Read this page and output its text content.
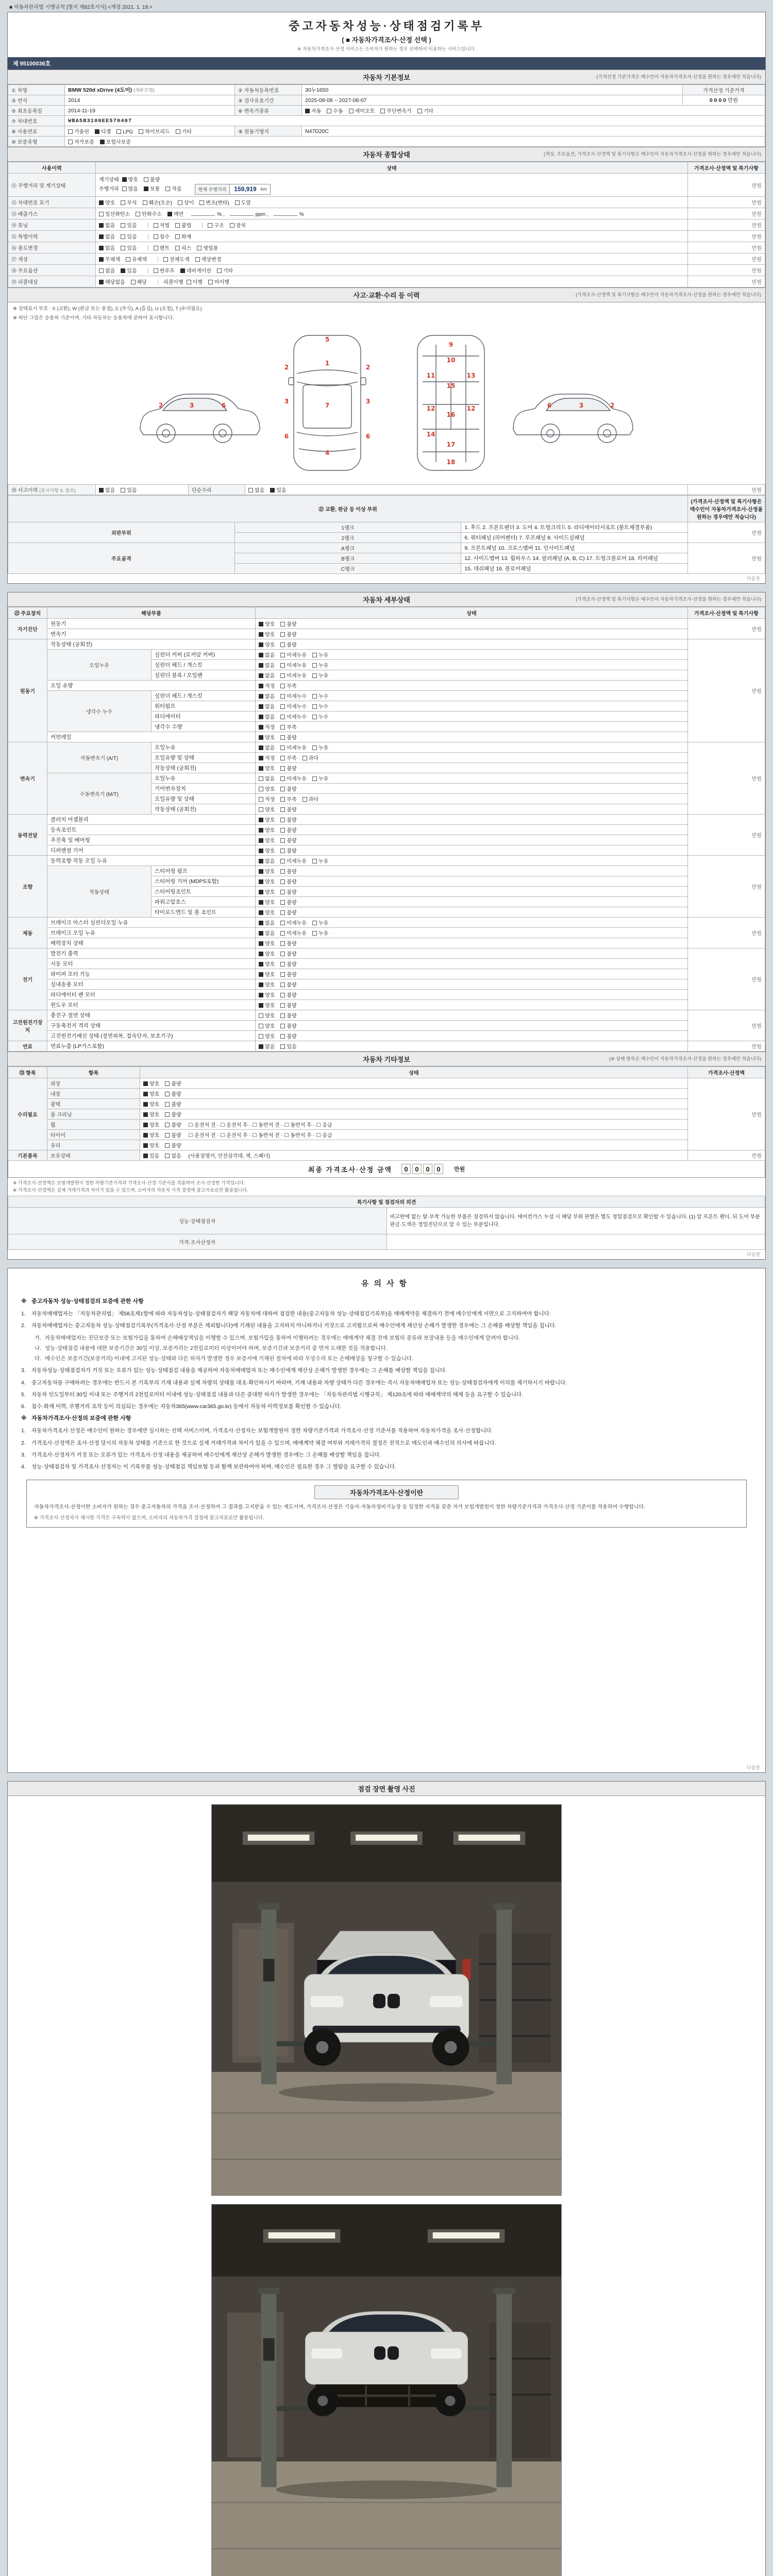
■ 자동차관리법 시행규칙 [별지 제82호서식] <개정 2021. 1. 19.>
중고자동차성능·상태점검기록부
( ■ 자동차가격조사·산정 선택 )
※ 자동차가격조사·산정 서비스는 소비자가 원하는 경우 선택하여 이용하는 서비스입니다.
제 95100036호
자동차 기본정보	(가격산정 기준가격은 매수인이 자동차가격조사·산정을 원하는 경우에만 적습니다)
① 차명	BMW 520d xDrive (4도어) (세부모델)	② 자동차등록번호	30누1650	가격산정 기준가격
③ 연식	2014	④ 검사유효기간	2025-08-08 ~ 2027-08-07	0 0 0 0 만원
⑤ 최초등록일	2014-11-19	⑥ 변속기종류	자동 수동 세미오토 무단변속기 기타	
⑦ 차대번호	WBA5B3100EE570407			
⑧ 사용연료	가솔린 디젤 LPG 하이브리드 기타	⑨ 원동기형식	N47D20C	
⑩ 보증유형	자가보증 보험사보증			
자동차 종합상태	(색상, 주요옵션, 가격조사·산정액 및 특기사항은 매수인이 자동차가격조사·산정을 원하는 경우에만 적습니다)
사용이력	상태	가격조사·산정액 및 특기사항
⑪ 주행거리 및 계기상태	계기상태 양호 불량
주행거리 많음 보통 적음 현재 주행거리 159,919 km	만원
⑫ 차대번호 표기	양호 부식 훼손(오손) 상이 변조(변타) 도말	만원
⑬ 배출가스	일산화탄소 탄화수소 매연 % , ppm , %	만원
⑭ 튜닝	없음 있음 적법 불법 구조 장치	만원
⑮ 특별이력	없음 있음 침수 화재	만원
⑯ 용도변경	없음 있음 렌트 리스 영업용	만원
⑰ 색상	무채색 유채색 전체도색 색상변경	만원
⑱ 주요옵션	없음 있음 썬루프 네비게이션 기타	만원
⑲ 리콜대상	해당없음 해당 리콜이행 이행 미이행	만원
사고·교환·수리 등 이력	(가격조사·산정액 및 특기사항은 매수인이 자동차가격조사·산정을 원하는 경우에만 적습니다)
※ 상태표시 부호 : X (교환), W (판금 또는 용접), C (부식), A (흠집), U (요철), T (수리필요)
※ 하단 그림은 승용차 기준이며, 기타 자동차는 승용차에 준하여 표시합니다.
5
1
2	2
3	3
7
6	6
4
9
10
11	13
15
12	12
16
14
17
18
2	3	6	6	3	2
⑳ 사고이력 (표시사항 4. 참조)	없음 있음	단순수리	없음 있음	만원
㉑ 교환, 판금 등 이상 부위			(가격조사·산정액 및 특기사항은 매수인이 자동차가격조사·산정을 원하는 경우에만 적습니다)
외판부위	1랭크	1. 후드 2. 프론트펜더 3. 도어 4. 트렁크리드 5. 라디에이터서포트 (볼트체결부품)	만원
	2랭크	6. 쿼터패널 (리어펜더) 7. 루프패널 8. 사이드실패널	
주요골격	A랭크	9. 프론트패널 10. 크로스멤버 11. 인사이드패널	만원
	B랭크	12. 사이드멤버 13. 휠하우스 14. 필러패널 (A, B, C) 17. 트렁크플로어 18. 리어패널	
	C랭크	15. 대쉬패널 16. 플로어패널	
다음장
자동차 세부상태	(가격조사·산정액 및 특기사항은 매수인이 자동차가격조사·산정을 원하는 경우에만 적습니다)
㉒ 주요장치	해당부품		상태	가격조사·산정액 및 특기사항
자기진단	원동기		양호 불량	만원
	변속기		양호 불량	
원동기	작동상태 (공회전)		양호 불량	만원
	오일누유	실린더 커버 (로커암 커버)	없음 미세누유 누유	
		실린더 헤드 / 개스킷	없음 미세누유 누유	
		실린더 블록 / 오일팬	없음 미세누유 누유	
	오일 유량		적정 부족	
	냉각수 누수	실린더 헤드 / 개스킷	없음 미세누수 누수	
		워터펌프	없음 미세누수 누수	
		라디에이터	없음 미세누수 누수	
		냉각수 수량	적정 부족	
	커먼레일		양호 불량	
변속기	자동변속기 (A/T)	오일누유	없음 미세누유 누유	만원
		오일유량 및 상태	적정 부족 과다	
		작동상태 (공회전)	양호 불량	
	수동변속기 (M/T)	오일누유	없음 미세누유 누유	
		기어변속장치	양호 불량	
		오일유량 및 상태	적정 부족 과다	
		작동상태 (공회전)	양호 불량	
동력전달	클러치 어셈블리		양호 불량	만원
	등속조인트		양호 불량	
	추진축 및 베어링		양호 불량	
	디퍼렌셜 기어		양호 불량	
조향	동력조향 작동 오일 누유		없음 미세누유 누유	만원
	작동상태	스티어링 펌프	양호 불량	
		스티어링 기어 (MDPS포함)	양호 불량	
		스티어링조인트	양호 불량	
		파워고압호스	양호 불량	
		타이로드엔드 및 볼 조인트	양호 불량	
제동	브레이크 마스터 실린더오일 누유		없음 미세누유 누유	만원
	브레이크 오일 누유		없음 미세누유 누유	
	배력장치 상태		양호 불량	
전기	발전기 출력		양호 불량	만원
	시동 모터		양호 불량	
	와이퍼 모터 기능		양호 불량	
	실내송풍 모터		양호 불량	
	라디에이터 팬 모터		양호 불량	
	윈도우 모터		양호 불량	
고전원전기장치	충전구 절연 상태		양호 불량	만원
	구동축전지 격리 상태		양호 불량	
	고전원전기배선 상태 (절연피복, 접속단자, 보호기구)		양호 불량	
연료	연료누출 (LP가스포함)		없음 있음	만원
자동차 기타정보	(※ 상태 항목은 매수인이 자동차가격조사·산정을 원하는 경우에만 적습니다)
㉓ 항목	항목	상태	가격조사·산정액
수리필요	외장	양호 불량	만원
	내장	양호 불량	
	광택	양호 불량	
	룸 크리닝	양호 불량	
	휠	양호 불량 ☐ 운전석 전 · ☐ 운전석 후 · ☐ 동반석 전 · ☐ 동반석 후 · ☐ 응급	
	타이어	양호 불량 ☐ 운전석 전 · ☐ 운전석 후 · ☐ 동반석 전 · ☐ 동반석 후 · ☐ 응급	
	유리	양호 불량	
기본품목	보유상태	있음 없음 (사용설명서, 안전삼각대, 잭, 스패너)	만원
최종 가격조사·산정 금액	0 0 0 0	만원
※ 가격조사·산정액은 보험개발원이 정한 차량기준가격과 가격조사·산정 기준서를 적용하여 조사·산정한 가격입니다.
※ 가격조사·산정액은 실제 거래가격과 차이가 있을 수 있으며, 소비자의 자동차 가격 결정에 참고자료로만 활용됩니다.
특기사항 및 점검자의 의견	
성능·상태점검자	비고란에 없는 탈·부착 가능한 부품은 점검하지 않습니다. 에어컨가스 누설 시 해당 부위 판별은 별도 정밀점검으로 확인할 수 있습니다. (1) 앞 프론트 펜더, 뒤 도어 부분 판금·도색은 정밀진단으로 알 수 있는 부분입니다.
가격·조사산정자	
다음장
유의사항
※ 중고자동차 성능·상태점검의 보증에 관한 사항
1.	자동차매매업자는 「자동차관리법」 제58조제1항에 따라 자동차성능·상태점검자가 해당 자동차에 대하여 점검한 내용(중고자동차 성능·상태점검기록부)을 매매계약을 체결하기 전에 매수인에게 서면으로 고지하여야 합니다.
2.	자동차매매업자는 중고자동차 성능·상태점검기록부(가격조사·산정 부분은 제외합니다)에 기재된 내용을 고지하지 아니하거나 거짓으로 고지함으로써 매수인에게 재산상 손해가 발생한 경우에는 그 손해를 배상할 책임을 집니다.
가. 자동차매매업자는 진단보증 또는 보험가입을 통하여 손해배상책임을 이행할 수 있으며, 보험가입을 통하여 이행하려는 경우에는 매매계약 체결 전에 보험의 종류와 보장내용 등을 매수인에게 알려야 합니다.
나. 성능·상태점검 내용에 대한 보증기간은 30일 이상, 보증거리는 2천킬로미터 이상이어야 하며, 보증기간과 보증거리 중 먼저 도래한 것을 적용합니다.
다. 매수인은 보증기간(보증거리) 이내에 고지된 성능·상태와 다른 하자가 발생한 경우 보증서에 기재된 절차에 따라 무상수리 또는 손해배상을 청구할 수 있습니다.
3.	자동차성능·상태점검자가 거짓 또는 오류가 있는 성능·상태점검 내용을 제공하여 자동차매매업자 또는 매수인에게 재산상 손해가 발생한 경우에는 그 손해를 배상할 책임을 집니다.
4.	중고자동차를 구매하려는 경우에는 반드시 본 기록부의 기재 내용과 실제 차량의 상태를 대조·확인하시기 바라며, 기재 내용과 차량 상태가 다른 경우에는 즉시 자동차매매업자 또는 성능·상태점검자에게 이의를 제기하시기 바랍니다.
5.	자동차 인도일부터 30일 이내 또는 주행거리 2천킬로미터 이내에 성능·상태점검 내용과 다른 중대한 하자가 발생한 경우에는 「자동차관리법 시행규칙」 제120조에 따라 매매계약의 해제 등을 요구할 수 있습니다.
6.	침수·화재 이력, 주행거리 조작 등이 의심되는 경우에는 자동차365(www.car365.go.kr) 등에서 자동차 이력정보를 확인할 수 있습니다.
※ 자동차가격조사·산정의 보증에 관한 사항
1.	자동차가격조사·산정은 매수인이 원하는 경우에만 실시하는 선택 서비스이며, 가격조사·산정자는 보험개발원이 정한 차량기준가격과 가격조사·산정 기준서를 적용하여 자동차가격을 조사·산정합니다.
2.	가격조사·산정액은 조사·산정 당시의 자동차 상태를 기준으로 한 것으로 실제 거래가격과 차이가 있을 수 있으며, 매매계약 체결 여부와 거래가격의 결정은 전적으로 매도인과 매수인의 의사에 따릅니다.
3.	가격조사·산정자가 거짓 또는 오류가 있는 가격조사·산정 내용을 제공하여 매수인에게 재산상 손해가 발생한 경우에는 그 손해를 배상할 책임을 집니다.
4.	성능·상태점검자 및 가격조사·산정자는 이 기록부를 성능·상태점검 책임보험 등과 함께 보관하여야 하며, 매수인은 필요한 경우 그 열람을 요구할 수 있습니다.
자동차가격조사·산정이란

자동차가격조사·산정이란 소비자가 원하는 경우 중고자동차의 가격을 조사·산정하여 그 결과를 고지받을 수 있는 제도이며, 가격조사·산정은 기술사·자동차정비기능장 등 일정한 자격을 갖춘 자가 보험개발원이 정한 차량기준가격과 가격조사·산정 기준서를 적용하여 수행합니다.

※ 가격조사·산정자가 제시한 가격은 구속력이 없으며, 소비자의 자동차가격 결정에 참고자료로만 활용됩니다.

다음장
점검 장면 촬영 사진
